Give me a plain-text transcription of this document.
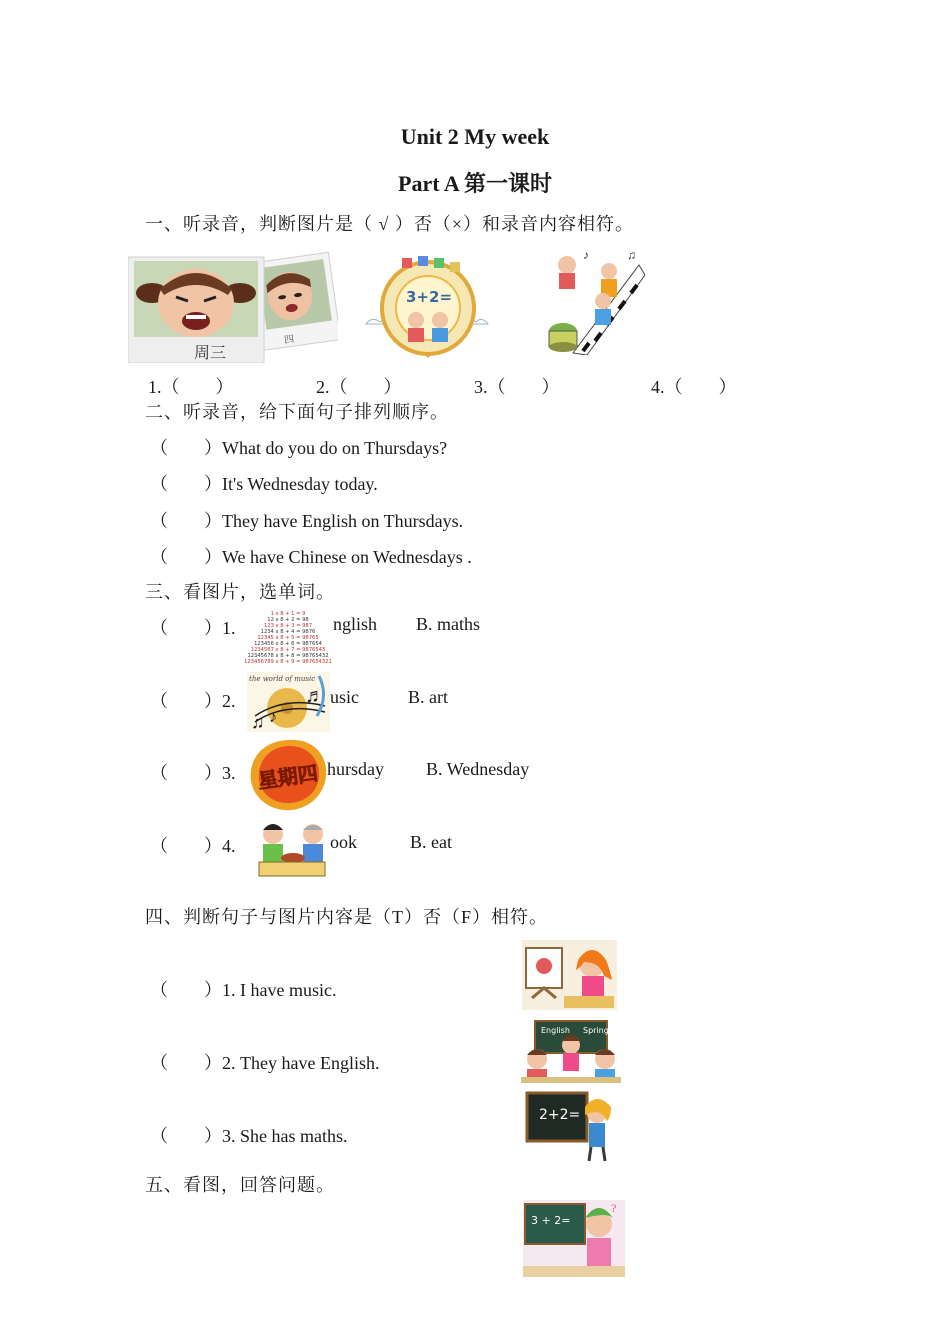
Unit 2 My week
Part A 第一课时
一、听录音，判断图片是（ √ ）否（×）和录音内容相符。
四
周三
3+2=
♪	♫
1.（　　）	2.（　　）	3.（　　）	4.（　　）
二、听录音，给下面句子排列顺序。
（　　）What do you do on Thursdays?
（　　）It's Wednesday today.
（　　）They have English on Thursdays.
（　　）We have Chinese on Wednesdays .
三、看图片，选单词。
（　　）1.
1 x 8 + 1 = 9
12 x 8 + 2 = 98
123 x 8 + 3 = 987
1234 x 8 + 4 = 9876
12345 x 8 + 5 = 98765
123456 x 8 + 6 = 987654
1234567 x 8 + 7 = 9876543
12345678 x 8 + 8 = 98765432
123456789 x 8 + 9 = 987654321
nglish B. maths
（　　）2.
the world of music
♫ ♪
♬ usic	B. art
（　　）3. 星期四 hursday B. Wednesday
（　　）4.	ook	B. eat
四、判断句子与图片内容是（T）否（F）相符。
（　　）1. I have music.
English Spring
（　　）2. They have English.
2+2=
（　　）3. She has maths.
五、看图，回答问题。
3 + 2=
?
